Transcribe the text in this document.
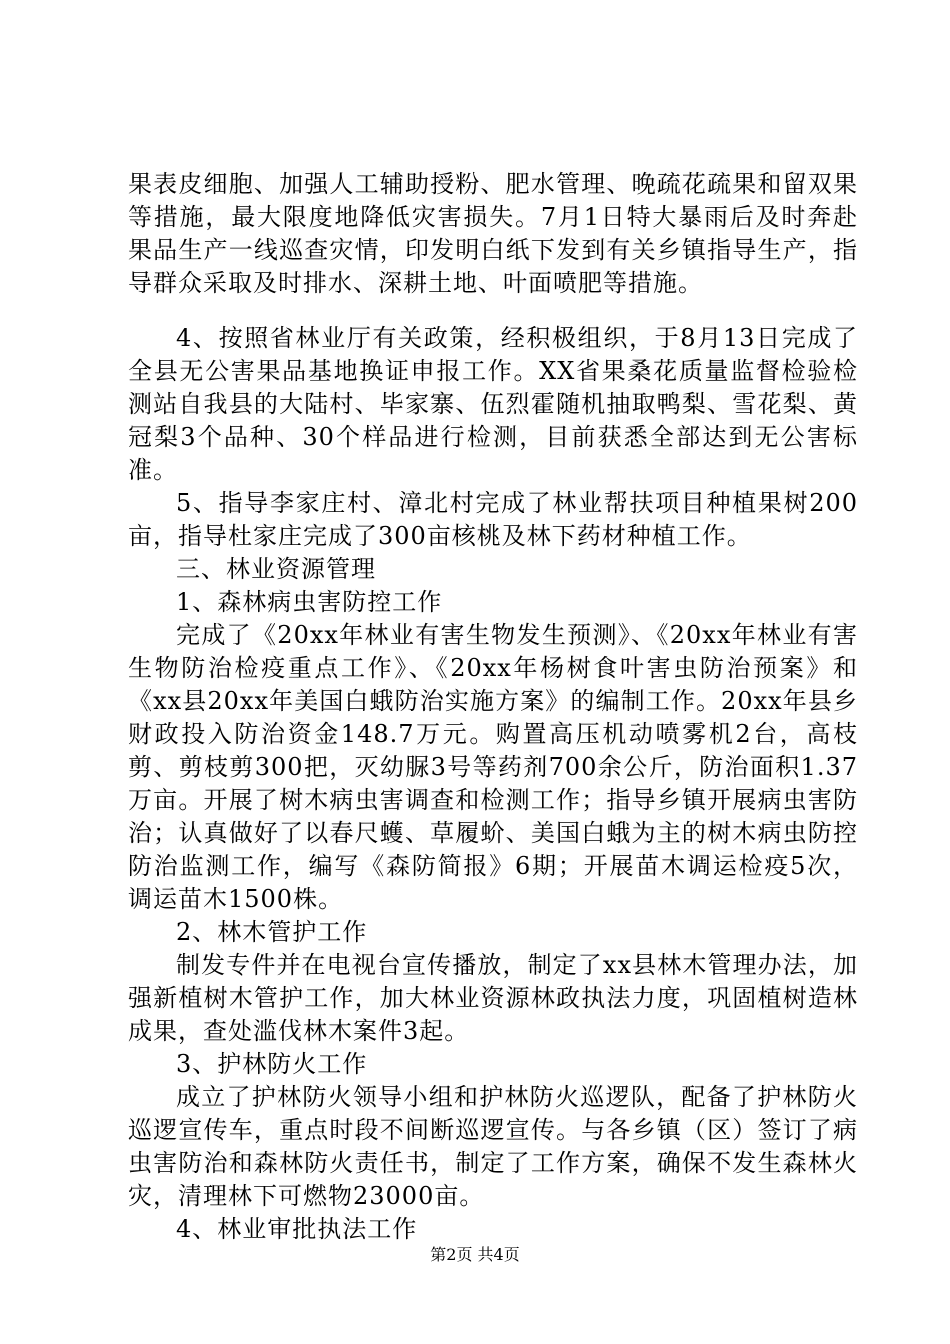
果表皮细胞、加强人工辅助授粉、肥水管理、晚疏花疏果和留双果等措施，最大限度地降低灾害损失。7月1日特大暴雨后及时奔赴果品生产一线巡查灾情，印发明白纸下发到有关乡镇指导生产，指导群众采取及时排水、深耕土地、叶面喷肥等措施。

4、按照省林业厅有关政策，经积极组织，于8月13日完成了全县无公害果品基地换证申报工作。XX省果桑花质量监督检验检测站自我县的大陆村、毕家寨、伍烈霍随机抽取鸭梨、雪花梨、黄冠梨3个品种、30个样品进行检测，目前获悉全部达到无公害标准。

5、指导李家庄村、漳北村完成了林业帮扶项目种植果树200亩，指导杜家庄完成了300亩核桃及林下药材种植工作。

三、林业资源管理

1、森林病虫害防控工作

完成了《20xx年林业有害生物发生预测》、《20xx年林业有害生物防治检疫重点工作》、《20xx年杨树食叶害虫防治预案》和《xx县20xx年美国白蛾防治实施方案》的编制工作。20xx年县乡财政投入防治资金148.7万元。购置高压机动喷雾机2台，高枝剪、剪枝剪300把，灭幼脲3号等药剂700余公斤，防治面积1.37万亩。开展了树木病虫害调查和检测工作；指导乡镇开展病虫害防治；认真做好了以春尺蠖、草履蚧、美国白蛾为主的树木病虫防控防治监测工作，编写《森防简报》6期；开展苗木调运检疫5次，调运苗木1500株。

2、林木管护工作

制发专件并在电视台宣传播放，制定了xx县林木管理办法，加强新植树木管护工作，加大林业资源林政执法力度，巩固植树造林成果，查处滥伐林木案件3起。

3、护林防火工作

成立了护林防火领导小组和护林防火巡逻队，配备了护林防火巡逻宣传车，重点时段不间断巡逻宣传。与各乡镇（区）签订了病虫害防治和森林防火责任书，制定了工作方案，确保不发生森林火灾，清理林下可燃物23000亩。

4、林业审批执法工作

第2页 共4页
